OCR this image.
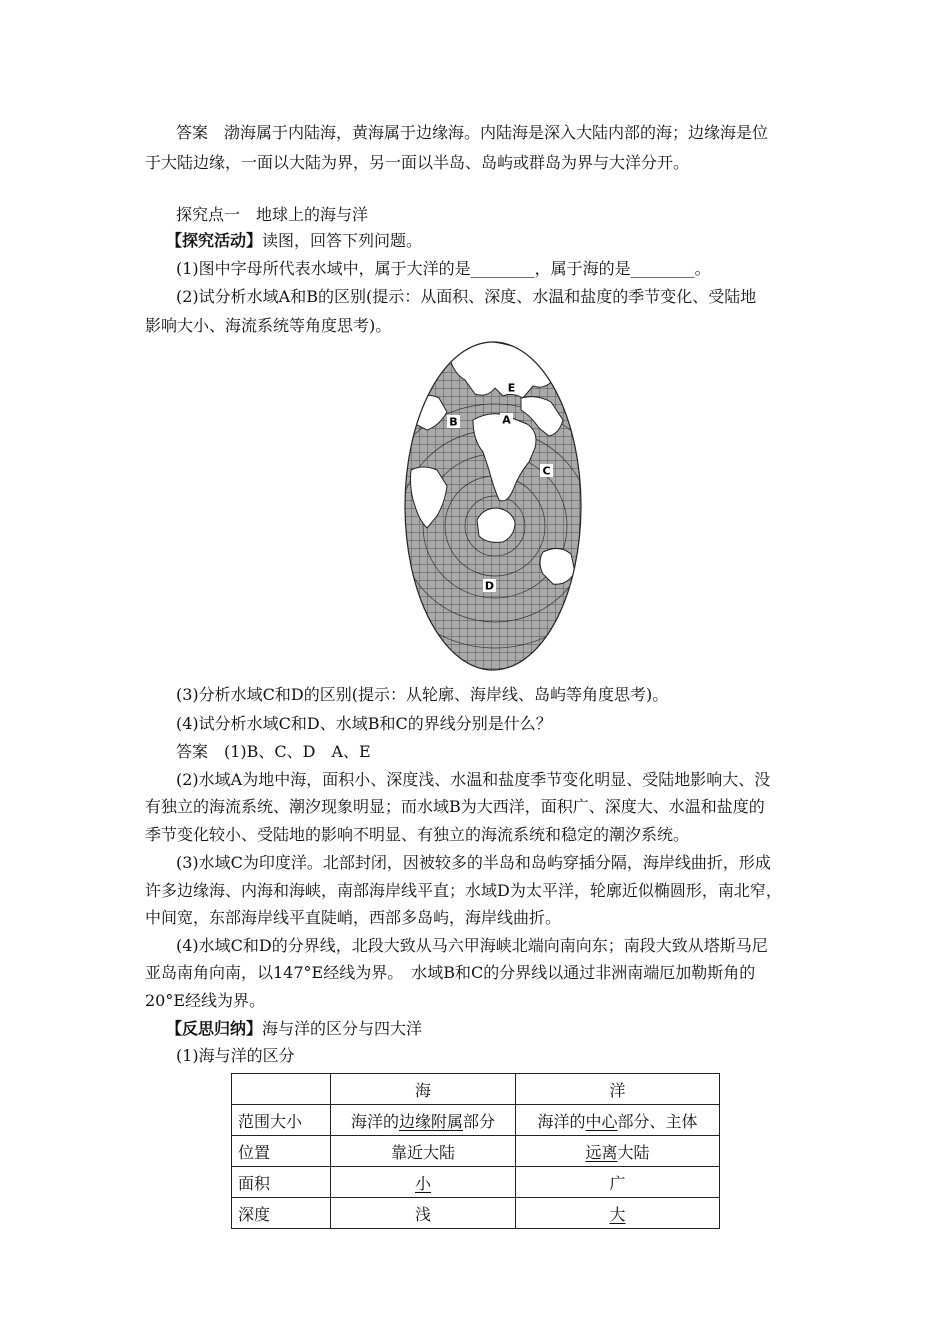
答案　渤海属于内陆海，黄海属于边缘海。内陆海是深入大陆内部的海；边缘海是位
于大陆边缘，一面以大陆为界，另一面以半岛、岛屿或群岛为界与大洋分开。
探究点一　地球上的海与洋
【探究活动】读图，回答下列问题。
(1)图中字母所代表水域中，属于大洋的是________，属于海的是________。
(2)试分析水域A和B的区别(提示：从面积、深度、水温和盐度的季节变化、受陆地
影响大小、海流系统等角度思考)。
E
B	A
C
D
(3)分析水域C和D的区别(提示：从轮廓、海岸线、岛屿等角度思考)。
(4)试分析水域C和D、水域B和C的界线分别是什么？
答案　(1)B、C、D　A、E
(2)水域A为地中海，面积小、深度浅、水温和盐度季节变化明显、受陆地影响大、没
有独立的海流系统、潮汐现象明显；而水域B为大西洋，面积广、深度大、水温和盐度的
季节变化较小、受陆地的影响不明显、有独立的海流系统和稳定的潮汐系统。
(3)水域C为印度洋。北部封闭，因被较多的半岛和岛屿穿插分隔，海岸线曲折，形成
许多边缘海、内海和海峡，南部海岸线平直；水域D为太平洋，轮廓近似椭圆形，南北窄，
中间宽，东部海岸线平直陡峭，西部多岛屿，海岸线曲折。
(4)水域C和D的分界线，北段大致从马六甲海峡北端向南向东；南段大致从塔斯马尼
亚岛南角向南，以147°E经线为界。　水域B和C的分界线以通过非洲南端厄加勒斯角的
20°E经线为界。
【反思归纳】海与洋的区分与四大洋
(1)海与洋的区分
	海	洋
范围大小	海洋的边缘附属部分	海洋的中心部分、主体
位置	靠近大陆	远离大陆
面积	小	广
深度	浅	大
